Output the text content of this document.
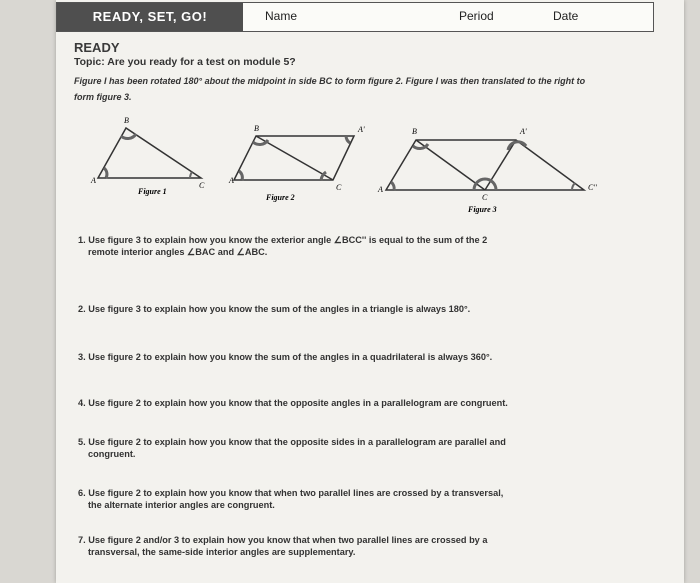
READY, SET, GO!	Name	Period	Date
READY
Topic: Are you ready for a test on module 5?
Figure I has been rotated 180° about the midpoint in side BC to form figure 2. Figure I was then translated to the right to form figure 3.
A
B
C
Figure 1
A
B
C
A'
Figure 2
A
B
C
A'
C''
Figure 3
1. Use figure 3 to explain how you know the exterior angle ∠BCC'' is equal to the sum of the 2
remote interior angles ∠BAC and ∠ABC.
2. Use figure 3 to explain how you know the sum of the angles in a triangle is always 180°.
3. Use figure 2 to explain how you know the sum of the angles in a quadrilateral is always 360°.
4. Use figure 2 to explain how you know that the opposite angles in a parallelogram are congruent.
5. Use figure 2 to explain how you know that the opposite sides in a parallelogram are parallel and
congruent.
6. Use figure 2 to explain how you know that when two parallel lines are crossed by a transversal,
the alternate interior angles are congruent.
7. Use figure 2 and/or 3 to explain how you know that when two parallel lines are crossed by a
transversal, the same-side interior angles are supplementary.
